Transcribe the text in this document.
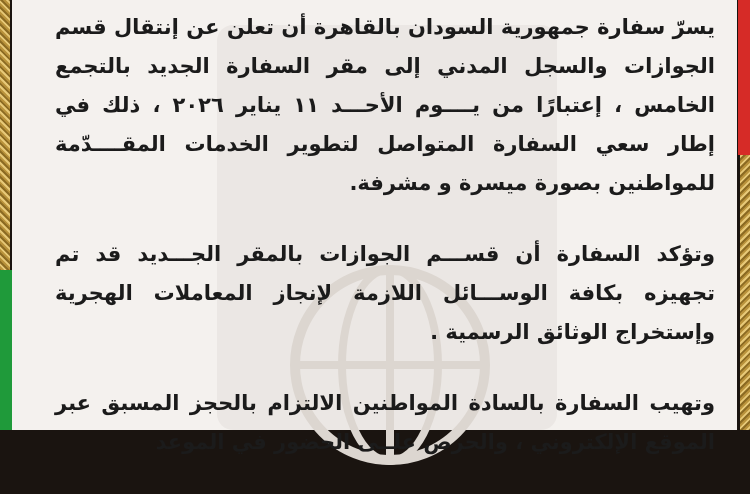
يسرّ سفارة جمهورية السودان بالقاهرة أن تعلن عن إنتقال قسم الجوازات والسجل المدني إلى مقر السفارة الجديد بالتجمع الخامس ، إعتبارًا من يــــوم الأحـــد ١١ يناير ٢٠٢٦ ، ذلك في إطار سعي السفارة المتواصل لتطوير الخدمات المقــــدّمة للمواطنين بصورة ميسرة و مشرفة.

وتؤكد السفارة أن قســـم الجوازات بالمقر الجـــديد قد تم تجهيزه بكافة الوســـائل اللازمة لإنجاز المعاملات الهجرية وإستخراج الوثائق الرسمية .

وتهيب السفارة بالسادة المواطنين الالتزام بالحجز المسبق عبر الموقع الإلكتروني ، والحرص علــى الحضور في الموعد
